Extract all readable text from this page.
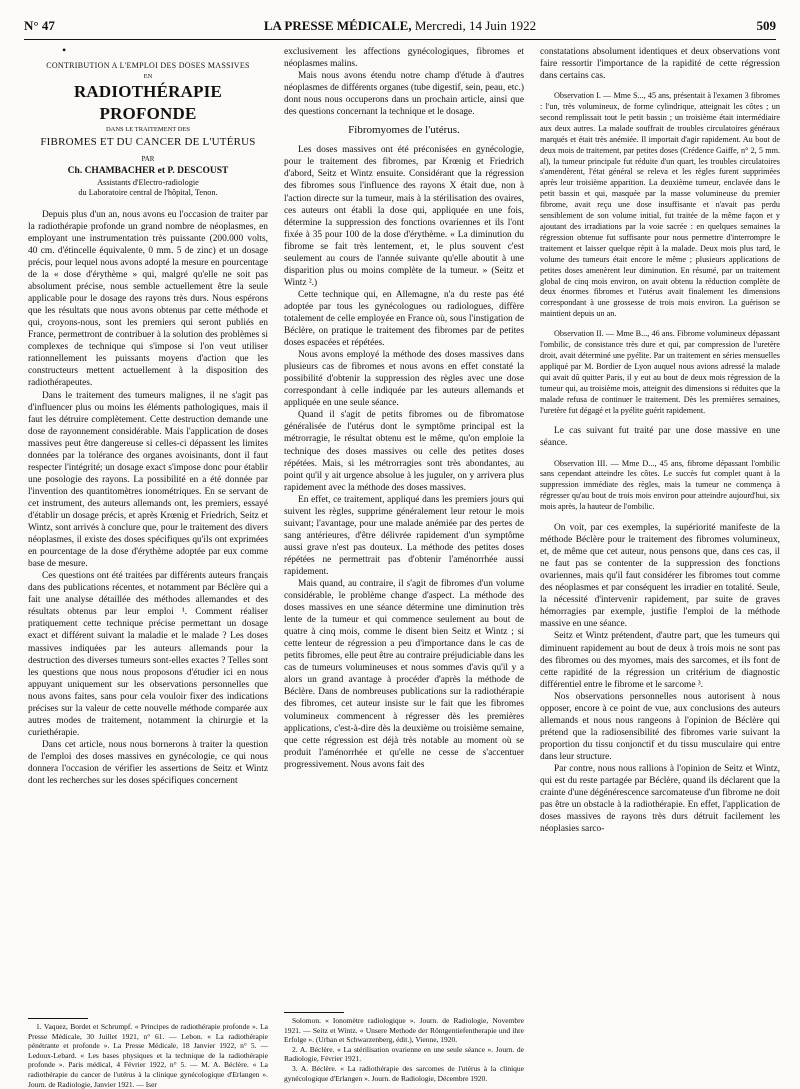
N° 47	LA PRESSE MÉDICALE, Mercredi, 14 Juin 1922	509
•
CONTRIBUTION A L'EMPLOI DES DOSES MASSIVES
EN
RADIOTHÉRAPIE PROFONDE
DANS LE TRAITEMENT DES
FIBROMES ET DU CANCER DE L'UTÉRUS
PAR
Ch. CHAMBACHER et P. DESCOUST
Assistants d'Electro-radiologie
du Laboratoire central de l'hôpital, Tenon.

Depuis plus d'un an, nous avons eu l'occasion de traiter par la radiothérapie profonde un grand nombre de néoplasmes, en employant une instrumentation très puissante (200.000 volts, 40 cm. d'étincelle équivalente, 0 mm. 5 de zinc) et un dosage précis, pour lequel nous avons adopté la mesure en pourcentage de la « dose d'érythème » qui, malgré qu'elle ne soit pas absolument précise, nous semble actuellement être la seule applicable pour le dosage des rayons très durs. Nous espérons que les résultats que nous avons obtenus par cette méthode et qui, croyons-nous, sont les premiers qui seront publiés en France, permettront de contribuer à la solution des problèmes si complexes de technique qui s'impose si l'on veut utiliser rationnellement les puissants moyens d'action que les constructeurs mettent actuellement à la disposition des radiothérapeutes.

Dans le traitement des tumeurs malignes, il ne s'agit pas d'influencer plus ou moins les éléments pathologiques, mais il faut les détruire complètement. Cette destruction demande une dose de rayonnement considérable. Mais l'application de doses massives peut être dangereuse si celles-ci dépassent les limites données par la tolérance des organes avoisinants, dont il faut respecter l'intégrité; un dosage exact s'impose donc pour établir une posologie des rayons. La possibilité en a été donnée par l'invention des quantitomètres ionométriques. En se servant de cet instrument, des auteurs allemands ont, les premiers, essayé d'établir un dosage précis, et après Krœnig et Friedrich, Seitz et Wintz, sont arrivés à conclure que, pour le traitement des divers néoplasmes, il existe des doses spécifiques qu'ils ont exprimées en pourcentage de la dose d'érythème adoptée par eux comme base de mesure.

Ces questions ont été traitées par différents auteurs français dans des publications récentes, et notamment par Béclère qui a fait une analyse détaillée des méthodes allemandes et des résultats obtenus par leur emploi ¹. Comment réaliser pratiquement cette technique précise permettant un dosage exact et différent suivant la maladie et le malade ? Les doses massives indiquées par les auteurs allemands pour la destruction des diverses tumeurs sont-elles exactes ? Telles sont les questions que nous nous proposons d'étudier ici en nous appuyant uniquement sur les observations personnelles que nous avons faites, sans pour cela vouloir fixer des indications précises sur la valeur de cette nouvelle méthode comparée aux autres modes de traitement, notamment la chirurgie et la curiethérapie.

Dans cet article, nous nous bornerons à traiter la question de l'emploi des doses massives en gynécologie, ce qui nous donnera l'occasion de vérifier les assertions de Seitz et Wintz dont les recherches sur les doses spécifiques concernent

1. Vaquez, Bordet et Schrumpf. « Principes de radiothérapie profonde ». La Presse Médicale, 30 Juillet 1921, n° 61. — Lebon. « La radiothérapie pénétrante et profonde ». La Presse Médicale, 18 Janvier 1922, n° 5. — Ledoux-Lebard. « Les bases physiques et la technique de la radiothérapie profonde ». Paris médical, 4 Février 1922, n° 5. — M. A. Béclère. « La radiothérapie du cancer de l'utérus à la clinique gynécologique d'Erlangen ». Journ. de Radiologie, Janvier 1921. — Iser

exclusivement les affections gynécologiques, fibromes et néoplasmes malins.

Mais nous avons étendu notre champ d'étude à d'autres néoplasmes de différents organes (tube digestif, sein, peau, etc.) dont nous nous occuperons dans un prochain article, ainsi que des questions concernant la technique et le dosage.

Fibromyomes de l'utérus.

Les doses massives ont été préconisées en gynécologie, pour le traitement des fibromes, par Krœnig et Friedrich d'abord, Seitz et Wintz ensuite. Considérant que la régression des fibromes sous l'influence des rayons X était due, non à l'action directe sur la tumeur, mais à la stérilisation des ovaires, ces auteurs ont établi la dose qui, appliquée en une fois, détermine la suppression des fonctions ovariennes et ils l'ont fixée à 35 pour 100 de la dose d'érythème. « La diminution du fibrome se fait très lentement, et, le plus souvent c'est seulement au cours de l'année suivante qu'elle aboutit à une disparition plus ou moins complète de la tumeur. » (Seitz et Wintz ².)

Cette technique qui, en Allemagne, n'a du reste pas été adoptée par tous les gynécologues ou radiologues, diffère totalement de celle employée en France où, sous l'instigation de Béclère, on pratique le traitement des fibromes par de petites doses espacées et répétées.

Nous avons employé la méthode des doses massives dans plusieurs cas de fibromes et nous avons en effet constaté la possibilité d'obtenir la suppression des règles avec une dose correspondant à celle indiquée par les auteurs allemands et appliquée en une seule séance.

Quand il s'agit de petits fibromes ou de fibromatose généralisée de l'utérus dont le symptôme principal est la métrorragie, le résultat obtenu est le même, qu'on emploie la technique des doses massives ou celle des petites doses répétées. Mais, si les métrorragies sont très abondantes, au point qu'il y ait urgence absolue à les juguler, on y arrivera plus rapidement avec la méthode des doses massives.

En effet, ce traitement, appliqué dans les premiers jours qui suivent les règles, supprime généralement leur retour le mois suivant; l'avantage, pour une malade anémiée par des pertes de sang antérieures, d'être délivrée rapidement d'un symptôme aussi grave n'est pas douteux. La méthode des petites doses répétées ne permettrait pas d'obtenir l'aménorrhée aussi rapidement.

Mais quand, au contraire, il s'agit de fibromes d'un volume considérable, le problème change d'aspect. La méthode des doses massives en une séance détermine une diminution très lente de la tumeur et qui commence seulement au bout de quatre à cinq mois, comme le disent bien Seitz et Wintz ; si cette lenteur de régression a peu d'importance dans le cas de petits fibromes, elle peut être au contraire préjudiciable dans les cas de tumeurs volumineuses et nous sommes d'avis qu'il y a alors un grand avantage à procéder d'après la méthode de Béclère. Dans de nombreuses publications sur la radiothérapie des fibromes, cet auteur insiste sur le fait que les fibromes volumineux commencent à régresser dès les premières applications, c'est-à-dire dès la deuxième ou troisième semaine, que cette régression est déjà très notable au moment où se produit l'aménorrhée et qu'elle ne cesse de s'accentuer progressivement. Nous avons fait des

Solomon. « Ionomètre radiologique ». Journ. de Radiologie, Novembre 1921. — Seitz et Wintz. « Unsere Methode der Röntgentiefentherapie und ihre Erfolge ». (Urban et Schwarzenberg, édit.), Vienne, 1920.

2. A. Béclère. « La stérilisation ovarienne en une seule séance ». Journ. de Radiologie, Février 1921.

3. A. Béclère. « La radiothérapie des sarcomes de l'utérus à la clinique gynécologique d'Erlangen ». Journ. de Radiologie, Décembre 1920.

constatations absolument identiques et deux observations vont faire ressortir l'importance de la rapidité de cette régression dans certains cas.

Observation I. — Mme S..., 45 ans, présentait à l'examen 3 fibromes : l'un, très volumineux, de forme cylindrique, atteignait les côtes ; un second remplissait tout le petit bassin ; un troisième était intermédiaire aux deux autres. La malade souffrait de troubles circulatoires généraux marqués et était très anémiée. Il importait d'agir rapidement. Au bout de deux mois de traitement, par petites doses (Crédence Gaiffe, n° 2, 5 mm. al), la tumeur principale fut réduite d'un quart, les troubles circulatoires s'amendèrent, l'état général se releva et les règles furent supprimées après leur troisième apparition. La deuxième tumeur, enclavée dans le petit bassin et qui, masquée par la masse volumineuse du premier fibrome, avait reçu une dose insuffisante et n'avait pas perdu sensiblement de son volume initial, fut traitée de la même façon et y ajoutant des irradiations par la voie sacrée : en quelques semaines la régression obtenue fut suffisante pour nous permettre d'interrompre le traitement et laisser quelque répit à la malade. Deux mois plus tard, le volume des tumeurs était encore le même ; plusieurs applications de petites doses amenèrent leur diminution. En résumé, par un traitement global de cinq mois environ, on avait obtenu la réduction complète de deux énormes fibromes et l'utérus avait finalement les dimensions correspondant à une grossesse de trois mois environ. La guérison se maintient depuis un an.

Observation II. — Mme B..., 46 ans. Fibrome volumineux dépassant l'ombilic, de consistance très dure et qui, par compression de l'uretère droit, avait déterminé une pyélite. Par un traitement en séries mensuelles appliqué par M. Bordier de Lyon auquel nous avions adressé la malade qui avait dû quitter Paris, il y eut au bout de deux mois régression de la tumeur qui, au troisième mois, atteignit des dimensions si réduites que la malade refusa de continuer le traitement. Dès les premières semaines, l'uretère fut dégagé et la pyélite guérit rapidement.

Le cas suivant fut traité par une dose massive en une séance.

Observation III. — Mme D..., 45 ans, fibrome dépassant l'ombilic sans cependant atteindre les côtes. Le succès fut complet quant à la suppression immédiate des règles, mais la tumeur ne commença à régresser qu'au bout de trois mois environ pour atteindre aujourd'hui, six mois après, la hauteur de l'ombilic.

On voit, par ces exemples, la supériorité manifeste de la méthode Béclère pour le traitement des fibromes volumineux, et, de même que cet auteur, nous pensons que, dans ces cas, il ne faut pas se contenter de la suppression des fonctions ovariennes, mais qu'il faut considérer les fibromes tout comme des néoplasmes et par conséquent les irradier en totalité. Seule, la nécessité d'intervenir rapidement, par suite de graves hémorragies par exemple, justifie l'emploi de la méthode massive en une séance.

Seitz et Wintz prétendent, d'autre part, que les tumeurs qui diminuent rapidement au bout de deux à trois mois ne sont pas des fibromes ou des myomes, mais des sarcomes, et ils font de cette rapidité de la régression un critérium de diagnostic différentiel entre le fibrome et le sarcome ³.

Nos observations personnelles nous autorisent à nous opposer, encore à ce point de vue, aux conclusions des auteurs allemands et nous nous rangeons à l'opinion de Béclère qui prétend que la radiosensibilité des fibromes varie suivant la proportion du tissu conjonctif et du tissu musculaire qui entre dans leur structure.

Par contre, nous nous rallions à l'opinion de Seitz et Wintz, qui est du reste partagée par Béclère, quand ils déclarent que la crainte d'une dégénérescence sarcomateuse d'un fibrome ne doit pas être un obstacle à la radiothérapie. En effet, l'application de doses massives de rayons très durs détruit facilement les néoplasies sarco-
